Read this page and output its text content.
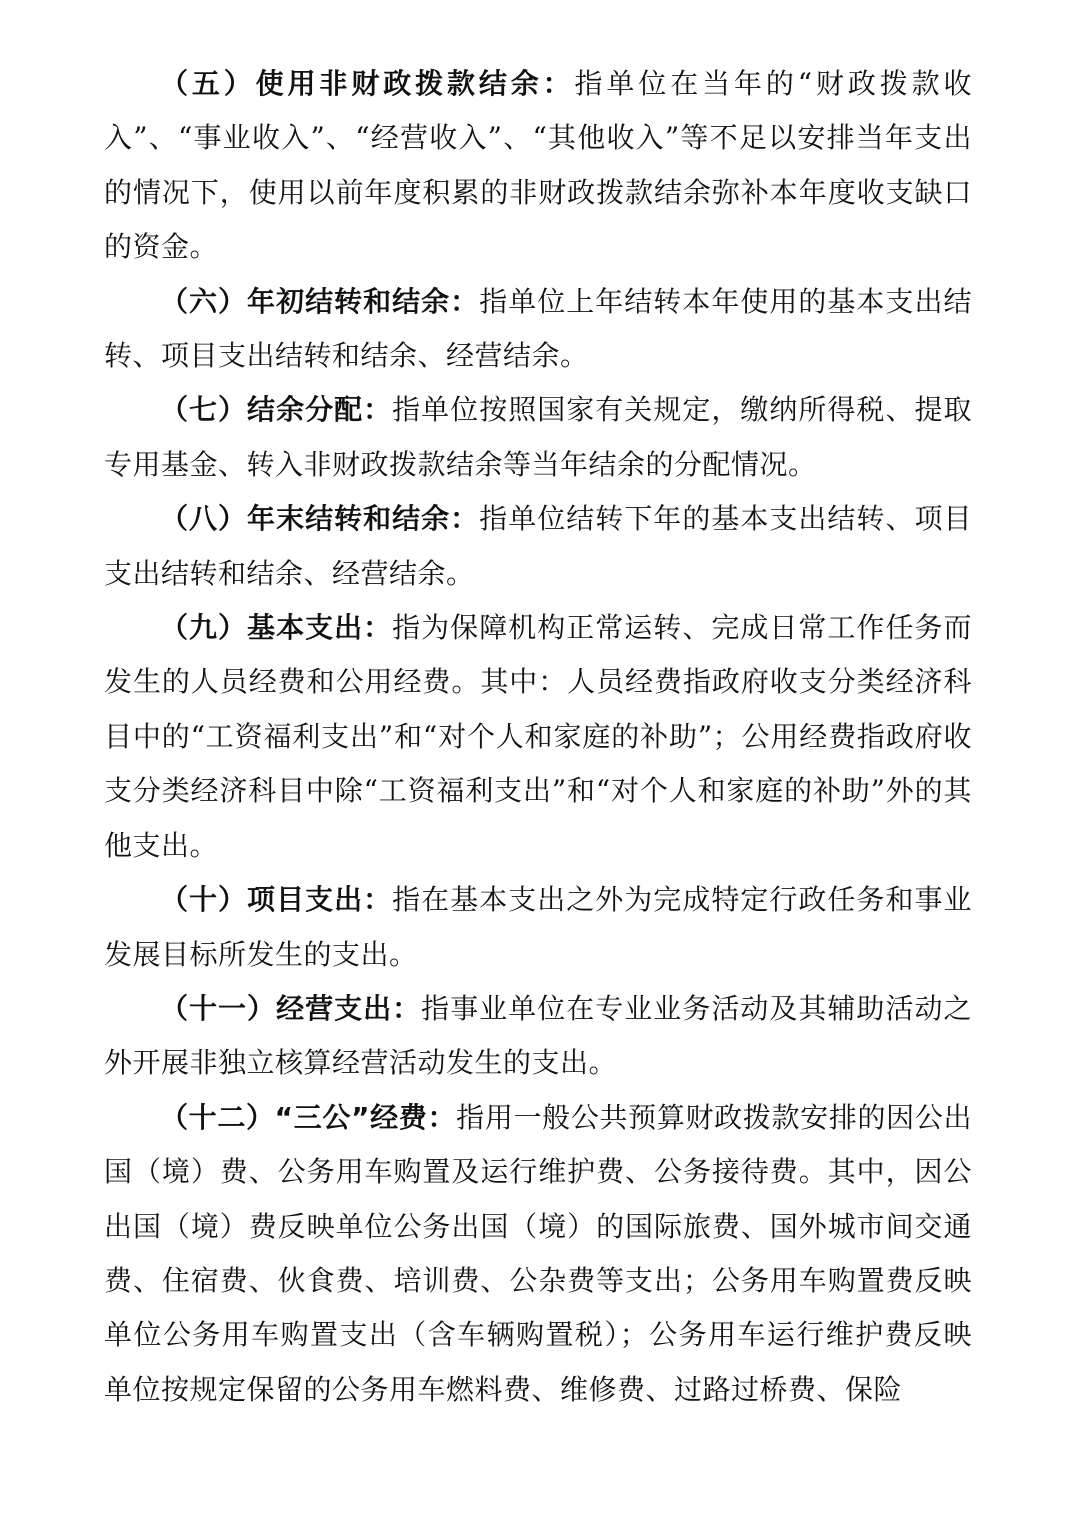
（五）使用非财政拨款结余：指单位在当年的“财政拨款收入”、“事业收入”、“经营收入”、“其他收入”等不足以安排当年支出的情况下，使用以前年度积累的非财政拨款结余弥补本年度收支缺口的资金。

（六）年初结转和结余：指单位上年结转本年使用的基本支出结转、项目支出结转和结余、经营结余。

（七）结余分配：指单位按照国家有关规定，缴纳所得税、提取专用基金、转入非财政拨款结余等当年结余的分配情况。

（八）年末结转和结余：指单位结转下年的基本支出结转、项目支出结转和结余、经营结余。

（九）基本支出：指为保障机构正常运转、完成日常工作任务而发生的人员经费和公用经费。其中：人员经费指政府收支分类经济科目中的“工资福利支出”和“对个人和家庭的补助”；公用经费指政府收支分类经济科目中除“工资福利支出”和“对个人和家庭的补助”外的其他支出。

（十）项目支出：指在基本支出之外为完成特定行政任务和事业发展目标所发生的支出。

（十一）经营支出：指事业单位在专业业务活动及其辅助活动之外开展非独立核算经营活动发生的支出。

（十二）“三公”经费：指用一般公共预算财政拨款安排的因公出国（境）费、公务用车购置及运行维护费、公务接待费。其中，因公出国（境）费反映单位公务出国（境）的国际旅费、国外城市间交通费、住宿费、伙食费、培训费、公杂费等支出；公务用车购置费反映单位公务用车购置支出（含车辆购置税）；公务用车运行维护费反映单位按规定保留的公务用车燃料费、维修费、过路过桥费、保险
